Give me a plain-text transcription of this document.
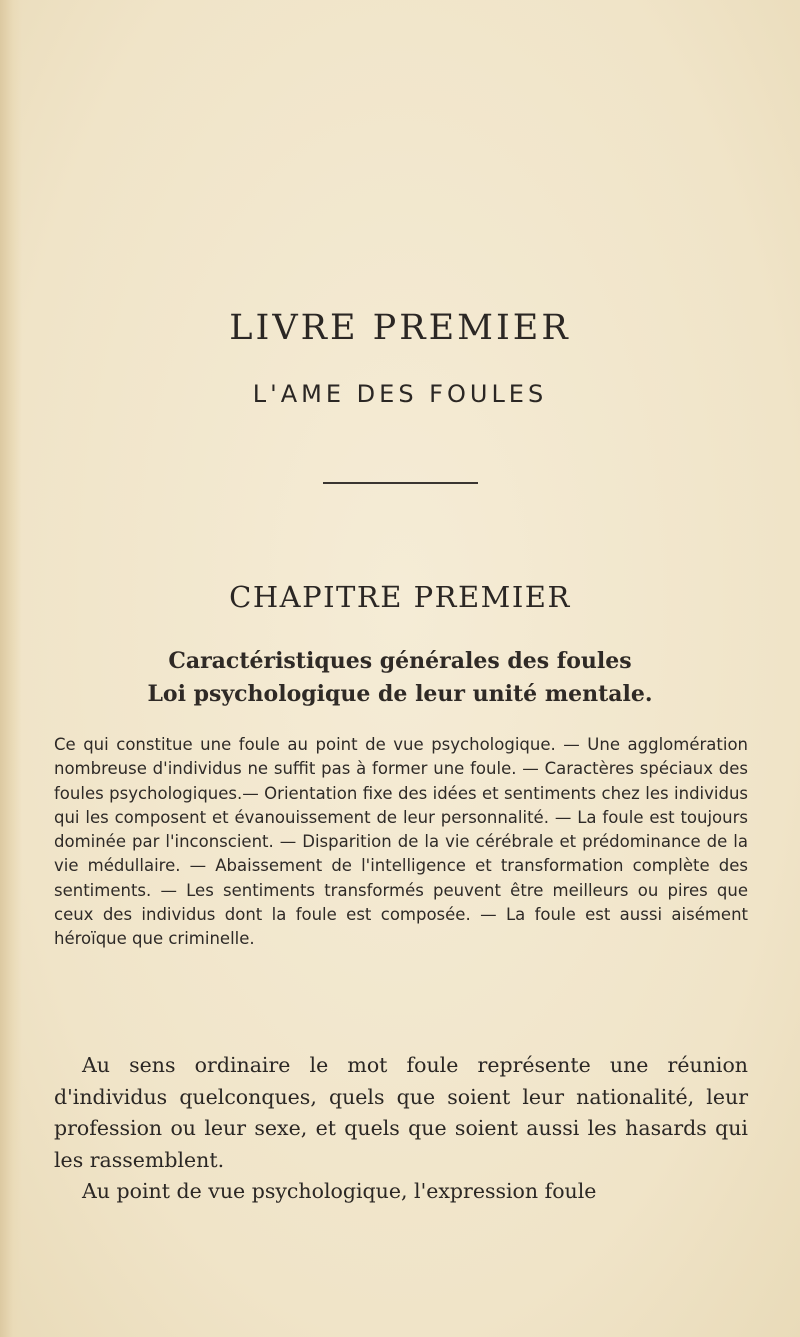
LIVRE PREMIER
L'AME DES FOULES
CHAPITRE PREMIER
Caractéristiques générales des foules
Loi psychologique de leur unité mentale.

Ce qui constitue une foule au point de vue psychologique. — Une agglomération nombreuse d'individus ne suffit pas à former une foule. — Caractères spéciaux des foules psychologiques.— Orientation fixe des idées et sentiments chez les individus qui les composent et évanouissement de leur personnalité. — La foule est toujours dominée par l'inconscient. — Disparition de la vie cérébrale et prédominance de la vie médullaire. — Abaissement de l'intelligence et transformation complète des sentiments. — Les sentiments transformés peuvent être meilleurs ou pires que ceux des individus dont la foule est composée. — La foule est aussi aisément héroïque que criminelle.

Au sens ordinaire le mot foule représente une réunion d'individus quelconques, quels que soient leur nationalité, leur profession ou leur sexe, et quels que soient aussi les hasards qui les rassemblent.

Au point de vue psychologique, l'expression foule
